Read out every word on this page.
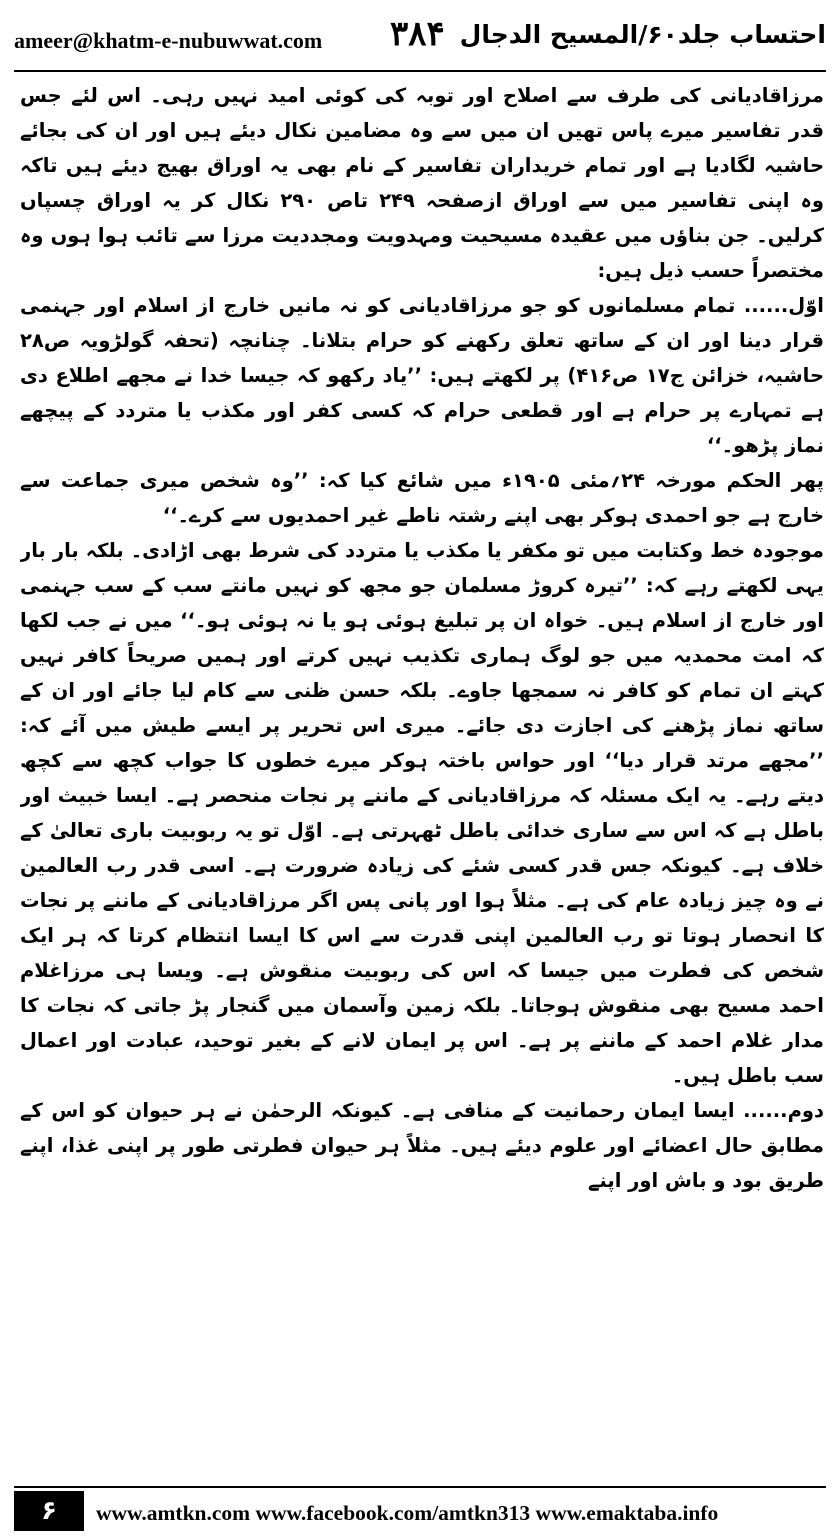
ameer@khatm-e-nubuwwat.com ۳۸۴ احتساب جلد۶۰/المسیح الدجال

مرزاقادیانی کی طرف سے اصلاح اور توبہ کی کوئی امید نہیں رہی۔ اس لئے جس قدر تفاسیر میرے پاس تھیں ان میں سے وہ مضامین نکال دیئے ہیں اور ان کی بجائے حاشیہ لگادیا ہے اور تمام خریداران تفاسیر کے نام بھی یہ اوراق بھیج دیئے ہیں تاکہ وہ اپنی تفاسیر میں سے اوراق ازصفحہ ۲۴۹ تاص ۲۹۰ نکال کر یہ اوراق چسپاں کرلیں۔ جن بناؤں میں عقیدہ مسیحیت ومہدویت ومجددیت مرزا سے تائب ہوا ہوں وہ مختصراً حسب ذیل ہیں:

اوّل...... تمام مسلمانوں کو جو مرزاقادیانی کو نہ مانیں خارج از اسلام اور جہنمی قرار دینا اور ان کے ساتھ تعلق رکھنے کو حرام بتلانا۔ چنانچہ (تحفہ گولڑویہ ص۲۸ حاشیہ، خزائن ج۱۷ ص۴۱۶) پر لکھتے ہیں: ’’یاد رکھو کہ جیسا خدا نے مجھے اطلاع دی ہے تمہارے پر حرام ہے اور قطعی حرام کہ کسی کفر اور مکذب یا متردد کے پیچھے نماز پڑھو۔‘‘

پھر الحکم مورخہ ۲۴؍مئی ۱۹۰۵ء میں شائع کیا کہ: ’’وہ شخص میری جماعت سے خارج ہے جو احمدی ہوکر بھی اپنے رشتہ ناطے غیر احمدیوں سے کرے۔‘‘

موجودہ خط وکتابت میں تو مکفر یا مکذب یا متردد کی شرط بھی اڑادی۔ بلکہ بار بار یہی لکھتے رہے کہ: ’’تیرہ کروڑ مسلمان جو مجھ کو نہیں مانتے سب کے سب جہنمی اور خارج از اسلام ہیں۔ خواہ ان پر تبلیغ ہوئی ہو یا نہ ہوئی ہو۔‘‘ میں نے جب لکھا کہ امت محمدیہ میں جو لوگ ہماری تکذیب نہیں کرتے اور ہمیں صریحاً کافر نہیں کہتے ان تمام کو کافر نہ سمجھا جاوے۔ بلکہ حسن ظنی سے کام لیا جائے اور ان کے ساتھ نماز پڑھنے کی اجازت دی جائے۔ میری اس تحریر پر ایسے طیش میں آئے کہ: ’’مجھے مرتد قرار دیا‘‘ اور حواس باختہ ہوکر میرے خطوں کا جواب کچھ سے کچھ دیتے رہے۔ یہ ایک مسئلہ کہ مرزاقادیانی کے ماننے پر نجات منحصر ہے۔ ایسا خبیث اور باطل ہے کہ اس سے ساری خدائی باطل ٹھہرتی ہے۔ اوّل تو یہ ربوبیت باری تعالیٰ کے خلاف ہے۔ کیونکہ جس قدر کسی شئے کی زیادہ ضرورت ہے۔ اسی قدر رب العالمین نے وہ چیز زیادہ عام کی ہے۔ مثلاً ہوا اور پانی پس اگر مرزاقادیانی کے ماننے پر نجات کا انحصار ہوتا تو رب العالمین اپنی قدرت سے اس کا ایسا انتظام کرتا کہ ہر ایک شخص کی فطرت میں جیسا کہ اس کی ربوبیت منقوش ہے۔ ویسا ہی مرزاغلام احمد مسیح بھی منقوش ہوجاتا۔ بلکہ زمین وآسمان میں گنجار پڑ جاتی کہ نجات کا مدار غلام احمد کے ماننے پر ہے۔ اس پر ایمان لانے کے بغیر توحید، عبادت اور اعمال سب باطل ہیں۔

دوم...... ایسا ایمان رحمانیت کے منافی ہے۔ کیونکہ الرحمٰن نے ہر حیوان کو اس کے مطابق حال اعضائے اور علوم دیئے ہیں۔ مثلاً ہر حیوان فطرتی طور پر اپنی غذا، اپنے طریق بود و باش اور اپنے

۶	www.amtkn.com www.facebook.com/amtkn313 www.emaktaba.info
